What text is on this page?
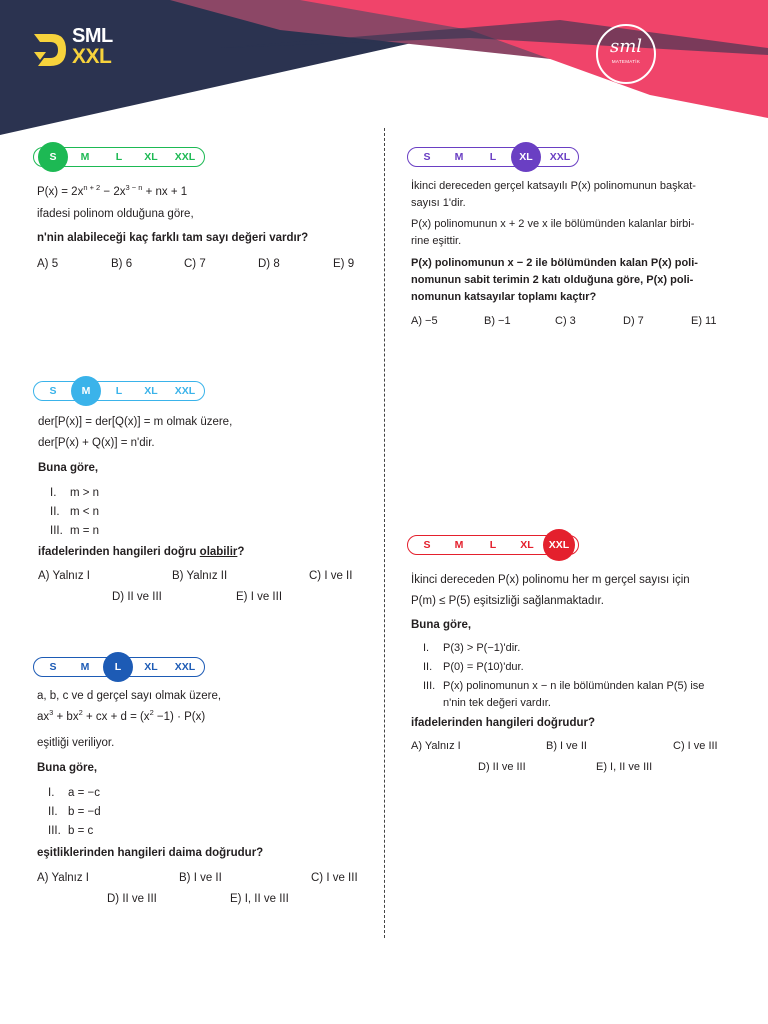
SML
XXL	sml
MATEMATİK
S	M	L	XL	XXL
$P(x) = 2x^{n + 2} - 2x^{3 - n}$ + nx + 1
ifadesi polinom olduğuna göre,
n'nin alabileceği kaç farklı tam sayı değeri vardır?
A) 5	B) 6	C) 7	D) 8	E) 9
S	M	L	XL	XXL
der[P(x)] = der[Q(x)] = m olmak üzere,
der[P(x) + Q(x)] = n'dir.
Buna göre,
I. m > n
II. m < n
III. m = n
ifadelerinden hangileri doğru olabilir?
A) Yalnız I	B) Yalnız II	C) I ve II
D) II ve III	E) I ve III
S	M	L	XL	XXL
a, b, c ve d gerçel sayı olmak üzere,
$ax^3 + bx^2$ + cx + $d = (x^2 -1) \cdot P(x)$
eşitliği veriliyor.
Buna göre,
I. a = −c
II. b = −d
III. b = c
eşitliklerinden hangileri daima doğrudur?
A) Yalnız I	B) I ve II	C) I ve III
D) II ve III	E) I, II ve III
S	M	L	XL	XXL
İkinci dereceden gerçel katsayılı P(x) polinomunun başkat-
sayısı 1'dir.
P(x) polinomunun x + 2 ve x ile bölümünden kalanlar birbi-
rine eşittir.
P(x) polinomunun x − 2 ile bölümünden kalan P(x) poli-
nomunun sabit terimin 2 katı olduğuna göre, P(x) poli-
nomunun katsayılar toplamı kaçtır?
A) −5	B) −1	C) 3	D) 7	E) 11
S	M	L	XL	XXL
İkinci dereceden P(x) polinomu her m gerçel sayısı için
P(m) ≤ P(5) eşitsizliği sağlanmaktadır.
Buna göre,
I. P(3) > P(−1)'dir.
II. P(0) = P(10)'dur.
III. P(x) polinomunun x − n ile bölümünden kalan P(5) ise
n'nin tek değeri vardır.
ifadelerinden hangileri doğrudur?
A) Yalnız I	B) I ve II	C) I ve III
D) II ve III	E) I, II ve III
